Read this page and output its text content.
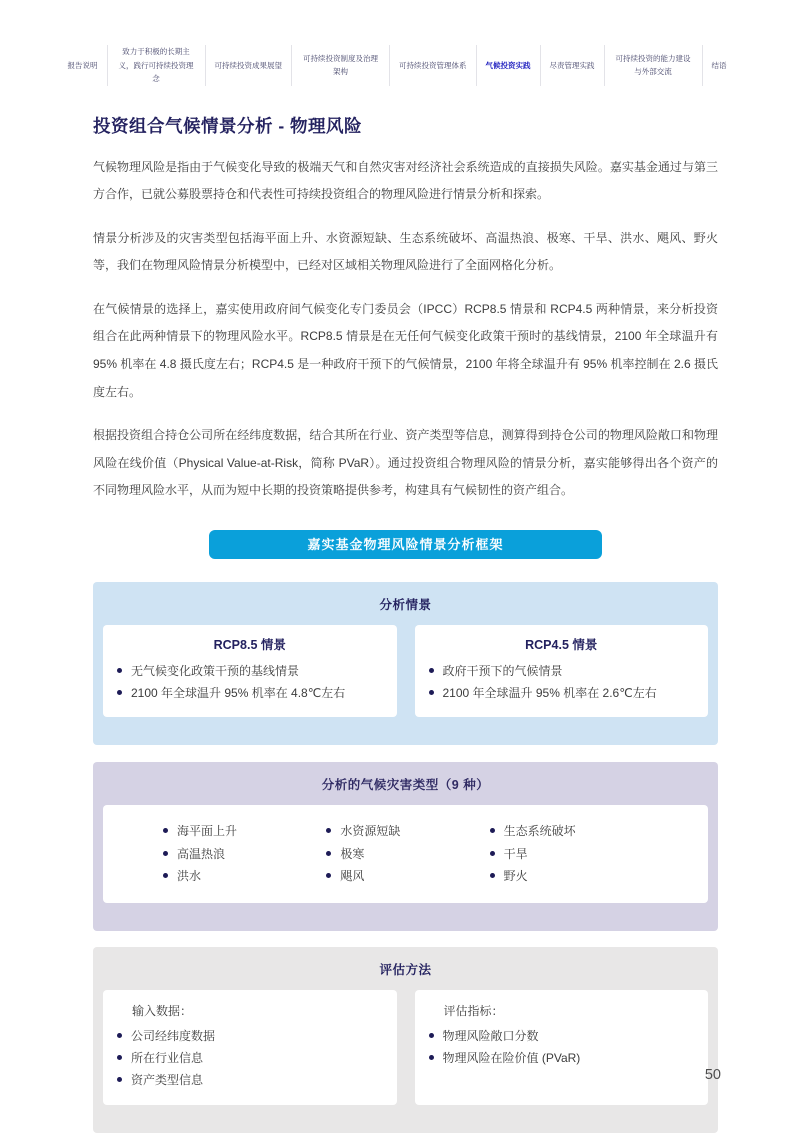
报告说明
致力于积极的长期主义，践行可持续投资理念
可持续投资成果展望
可持续投资制度及治理架构
可持续投资管理体系	气候投资实践	尽责管理实践
可持续投资的能力建设与外部交流
结语
投资组合气候情景分析 - 物理风险

气候物理风险是指由于气候变化导致的极端天气和自然灾害对经济社会系统造成的直接损失风险。嘉实基金通过与第三方合作，已就公募股票持仓和代表性可持续投资组合的物理风险进行情景分析和探索。

情景分析涉及的灾害类型包括海平面上升、水资源短缺、生态系统破坏、高温热浪、极寒、干旱、洪水、飓风、野火等，我们在物理风险情景分析模型中，已经对区域相关物理风险进行了全面网格化分析。

在气候情景的选择上，嘉实使用政府间气候变化专门委员会（IPCC）RCP8.5 情景和 RCP4.5 两种情景，来分析投资组合在此两种情景下的物理风险水平。RCP8.5 情景是在无任何气候变化政策干预时的基线情景，2100 年全球温升有 95% 机率在 4.8 摄氏度左右；RCP4.5 是一种政府干预下的气候情景，2100 年将全球温升有 95% 机率控制在 2.6 摄氏度左右。

根据投资组合持仓公司所在经纬度数据，结合其所在行业、资产类型等信息，测算得到持仓公司的物理风险敞口和物理风险在线价值（Physical Value-at-Risk，简称 PVaR）。通过投资组合物理风险的情景分析，嘉实能够得出各个资产的不同物理风险水平，从而为短中长期的投资策略提供参考，构建具有气候韧性的资产组合。

嘉实基金物理风险情景分析框架
分析情景
RCP8.5 情景
无气候变化政策干预的基线情景
2100 年全球温升 95% 机率在 4.8℃左右
RCP4.5 情景
政府干预下的气候情景
2100 年全球温升 95% 机率在 2.6℃左右
分析的气候灾害类型（9 种）
海平面上升
高温热浪
洪水
水资源短缺
极寒
飓风
生态系统破坏
干旱
野火
评估方法
输入数据：
公司经纬度数据
所在行业信息
资产类型信息
评估指标：
物理风险敞口分数
物理风险在险价值 (PVaR)
50
